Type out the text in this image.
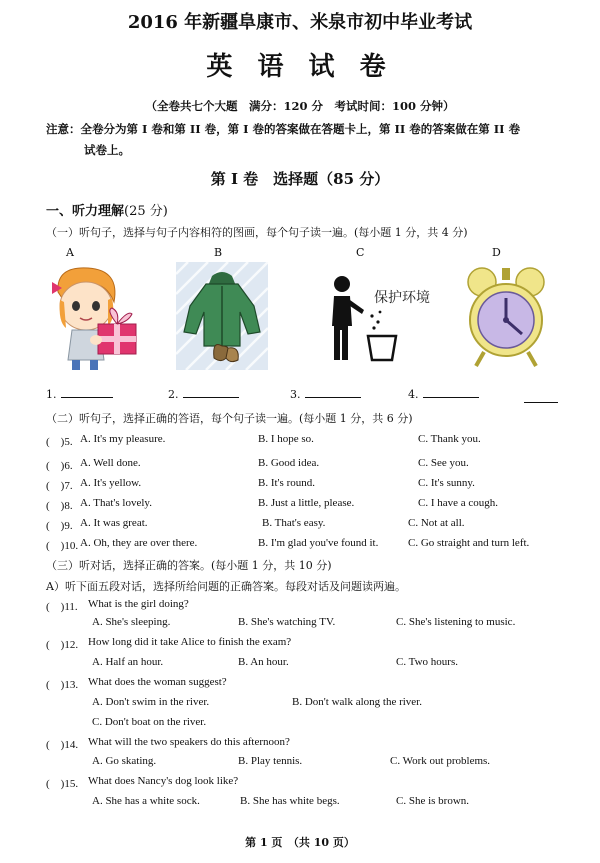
2016 年新疆阜康市、米泉市初中毕业考试
英 语 试 卷
（全卷共七个大题　满分：120 分　考试时间：100 分钟）
注意：全卷分为第 I 卷和第 II 卷，第 I 卷的答案做在答题卡上，第 II 卷的答案做在第 II 卷
试卷上。
第 I 卷　选择题（85 分）
一、听力理解(25 分)
（一）听句子，选择与句子内容相符的图画，每个句子读一遍。(每小题 1 分，共 4 分)
A	B	C	D
保护环境
1.	2.	3.	4.
（二）听句子，选择正确的答语，每个句子读一遍。(每小题 1 分，共 6 分)
(　)5. A. It's my pleasure.	B. I hope so.	C. Thank you.
(　)6. A. Well done.	B. Good idea.	C. See you.
(　)7. A. It's yellow.	B. It's round.	C. It's sunny.
(　)8. A. That's lovely.	B. Just a little, please.	C. I have a cough.
(　)9. A. It was great.	B. That's easy.	C. Not at all.
(　)10. A. Oh, they are over there.	B. I'm glad you've found it.	C. Go straight and turn left.
（三）听对话，选择正确的答案。(每小题 1 分，共 10 分)
A）听下面五段对话，选择所给问题的正确答案。每段对话及问题读两遍。
(　)11. What is the girl doing?
A. She's sleeping.	B. She's watching TV.	C. She's listening to music.
(　)12. How long did it take Alice to finish the exam?
A. Half an hour.	B. An hour.	C. Two hours.
(　)13. What does the woman suggest?
A. Don't swim in the river.	B. Don't walk along the river.
C. Don't boat on the river.
(　)14. What will the two speakers do this afternoon?
A. Go skating.	B. Play tennis.	C. Work out problems.
(　)15. What does Nancy's dog look like?
A. She has a white sock.	B. She has white begs.	C. She is brown.
第 1 页　（共 10 页）
